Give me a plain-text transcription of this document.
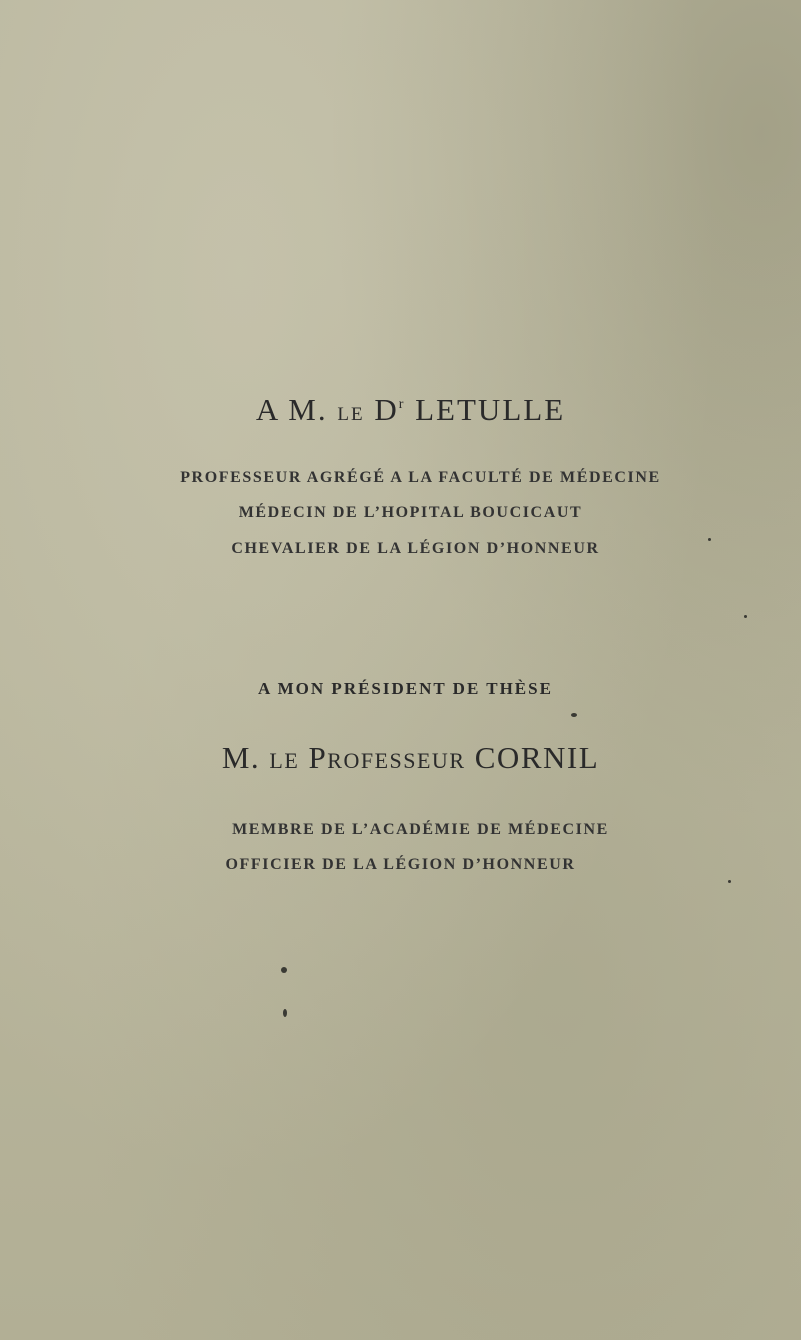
A M. le $D^r$ LETULLE
PROFESSEUR AGRÉGÉ A LA FACULTÉ DE MÉDECINE
MÉDECIN DE L’HOPITAL BOUCICAUT
CHEVALIER DE LA LÉGION D’HONNEUR
A MON PRÉSIDENT DE THÈSE
M. le Professeur CORNIL
MEMBRE DE L’ACADÉMIE DE MÉDECINE
OFFICIER DE LA LÉGION D’HONNEUR
